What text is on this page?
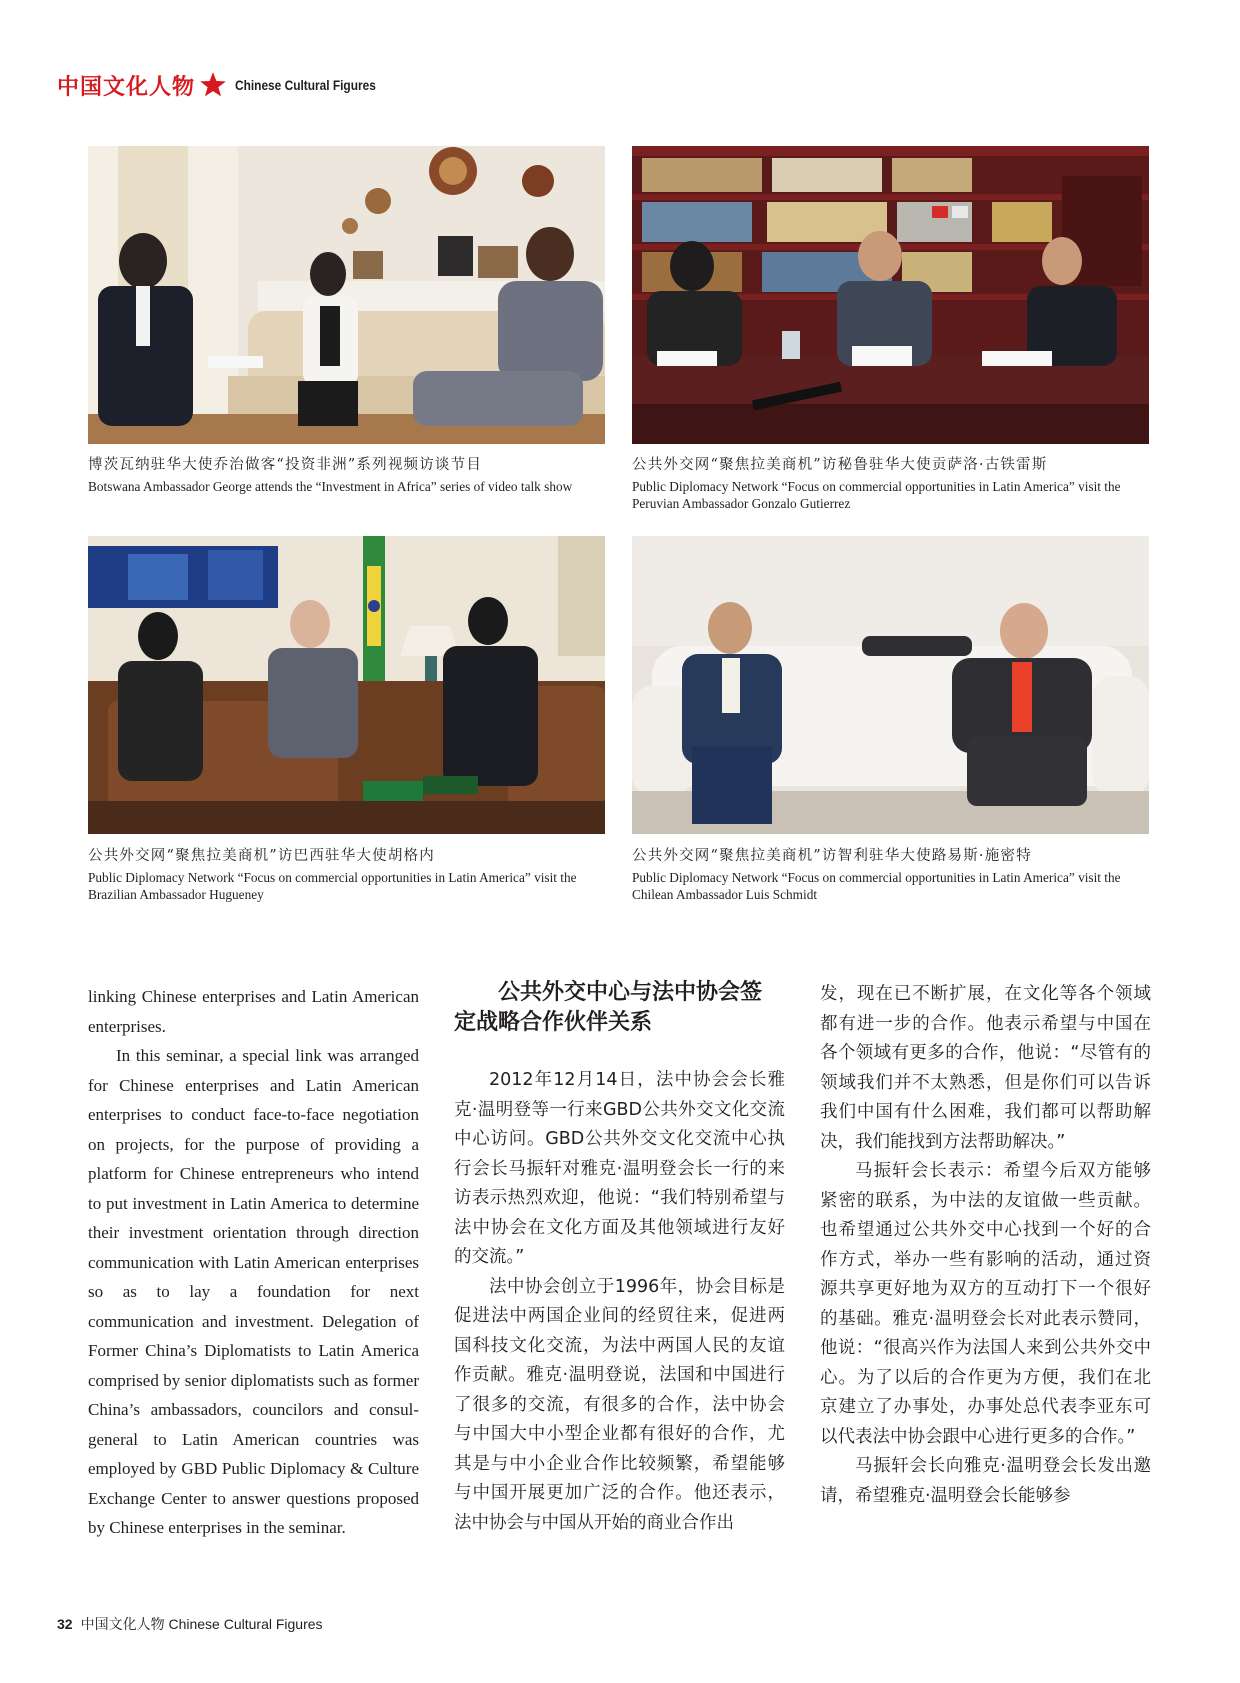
中国文化人物	Chinese Cultural Figures
博茨瓦纳驻华大使乔治做客“投资非洲”系列视频访谈节目
Botswana Ambassador George attends the “Investment in Africa” series of video talk show
公共外交网“聚焦拉美商机”访秘鲁驻华大使贡萨洛·古铁雷斯
Public Diplomacy Network “Focus on commercial opportunities in Latin America” visit the Peruvian Ambassador Gonzalo Gutierrez
公共外交网“聚焦拉美商机”访巴西驻华大使胡格内
Public Diplomacy Network “Focus on commercial opportunities in Latin America” visit the Brazilian Ambassador Hugueney
公共外交网“聚焦拉美商机”访智利驻华大使路易斯·施密特
Public Diplomacy Network “Focus on commercial opportunities in Latin America” visit the Chilean Ambassador Luis Schmidt

linking Chinese enterprises and Latin American enterprises.

In this seminar, a special link was arranged for Chinese enterprises and Latin American enterprises to conduct face-to-face negotiation on projects, for the purpose of providing a platform for Chinese entrepreneurs who intend to put investment in Latin America to determine their investment orientation through direction communication with Latin American enterprises so as to lay a foundation for next communication and investment. Delegation of Former China’s Diplomatists to Latin America comprised by senior diplomatists such as former China’s ambassadors, councilors and consul-general to Latin American countries was employed by GBD Public Diplomacy & Culture Exchange Center to answer questions proposed by Chinese enterprises in the seminar.

公共外交中心与法中协会签
定战略合作伙伴关系

2012年12月14日，法中协会会长雅克·温明登等一行来GBD公共外交文化交流中心访问。GBD公共外交文化交流中心执行会长马振轩对雅克·温明登会长一行的来访表示热烈欢迎，他说：“我们特别希望与法中协会在文化方面及其他领域进行友好的交流。”

法中协会创立于1996年，协会目标是促进法中两国企业间的经贸往来，促进两国科技文化交流，为法中两国人民的友谊作贡献。雅克·温明登说，法国和中国进行了很多的交流，有很多的合作，法中协会与中国大中小型企业都有很好的合作，尤其是与中小企业合作比较频繁，希望能够与中国开展更加广泛的合作。他还表示，法中协会与中国从开始的商业合作出

发，现在已不断扩展，在文化等各个领域都有进一步的合作。他表示希望与中国在各个领域有更多的合作，他说：“尽管有的领域我们并不太熟悉，但是你们可以告诉我们中国有什么困难，我们都可以帮助解决，我们能找到方法帮助解决。”

马振轩会长表示：希望今后双方能够紧密的联系，为中法的友谊做一些贡献。也希望通过公共外交中心找到一个好的合作方式，举办一些有影响的活动，通过资源共享更好地为双方的互动打下一个很好的基础。雅克·温明登会长对此表示赞同，他说：“很高兴作为法国人来到公共外交中心。为了以后的合作更为方便，我们在北京建立了办事处，办事处总代表李亚东可以代表法中协会跟中心进行更多的合作。”

马振轩会长向雅克·温明登会长发出邀请，希望雅克·温明登会长能够参

32 中国文化人物 Chinese Cultural Figures
